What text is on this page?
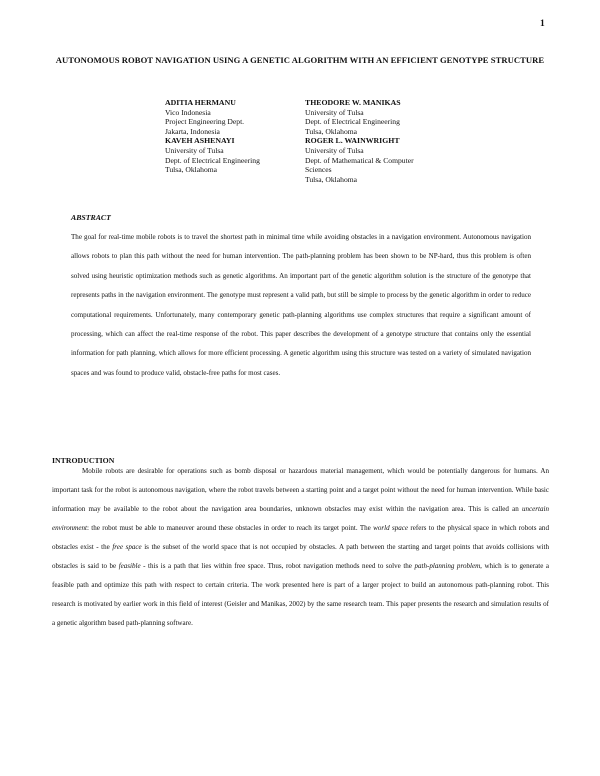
1
AUTONOMOUS ROBOT NAVIGATION USING A GENETIC ALGORITHM WITH AN EFFICIENT GENOTYPE STRUCTURE
ADITIA HERMANU
Vico Indonesia
Project Engineering Dept.
Jakarta, Indonesia
KAVEH ASHENAYI
University of Tulsa
Dept. of Electrical Engineering
Tulsa, Oklahoma
THEODORE W. MANIKAS
University of Tulsa
Dept. of Electrical Engineering
Tulsa, Oklahoma
ROGER L. WAINWRIGHT
University of Tulsa
Dept. of Mathematical & Computer
Sciences
Tulsa, Oklahoma
ABSTRACT
The goal for real-time mobile robots is to travel the shortest path in minimal time while avoiding obstacles in a navigation environment. Autonomous navigation allows robots to plan this path without the need for human intervention. The path-planning problem has been shown to be NP-hard, thus this problem is often solved using heuristic optimization methods such as genetic algorithms. An important part of the genetic algorithm solution is the structure of the genotype that represents paths in the navigation environment. The genotype must represent a valid path, but still be simple to process by the genetic algorithm in order to reduce computational requirements. Unfortunately, many contemporary genetic path-planning algorithms use complex structures that require a significant amount of processing, which can affect the real-time response of the robot. This paper describes the development of a genotype structure that contains only the essential information for path planning, which allows for more efficient processing. A genetic algorithm using this structure was tested on a variety of simulated navigation spaces and was found to produce valid, obstacle-free paths for most cases.
INTRODUCTION
Mobile robots are desirable for operations such as bomb disposal or hazardous material management, which would be potentially dangerous for humans. An important task for the robot is autonomous navigation, where the robot travels between a starting point and a target point without the need for human intervention. While basic information may be available to the robot about the navigation area boundaries, unknown obstacles may exist within the navigation area. This is called an uncertain environment: the robot must be able to maneuver around these obstacles in order to reach its target point. The world space refers to the physical space in which robots and obstacles exist - the free space is the subset of the world space that is not occupied by obstacles. A path between the starting and target points that avoids collisions with obstacles is said to be feasible - this is a path that lies within free space. Thus, robot navigation methods need to solve the path-planning problem, which is to generate a feasible path and optimize this path with respect to certain criteria. The work presented here is part of a larger project to build an autonomous path-planning robot. This research is motivated by earlier work in this field of interest (Geisler and Manikas, 2002) by the same research team. This paper presents the research and simulation results of a genetic algorithm based path-planning software.
